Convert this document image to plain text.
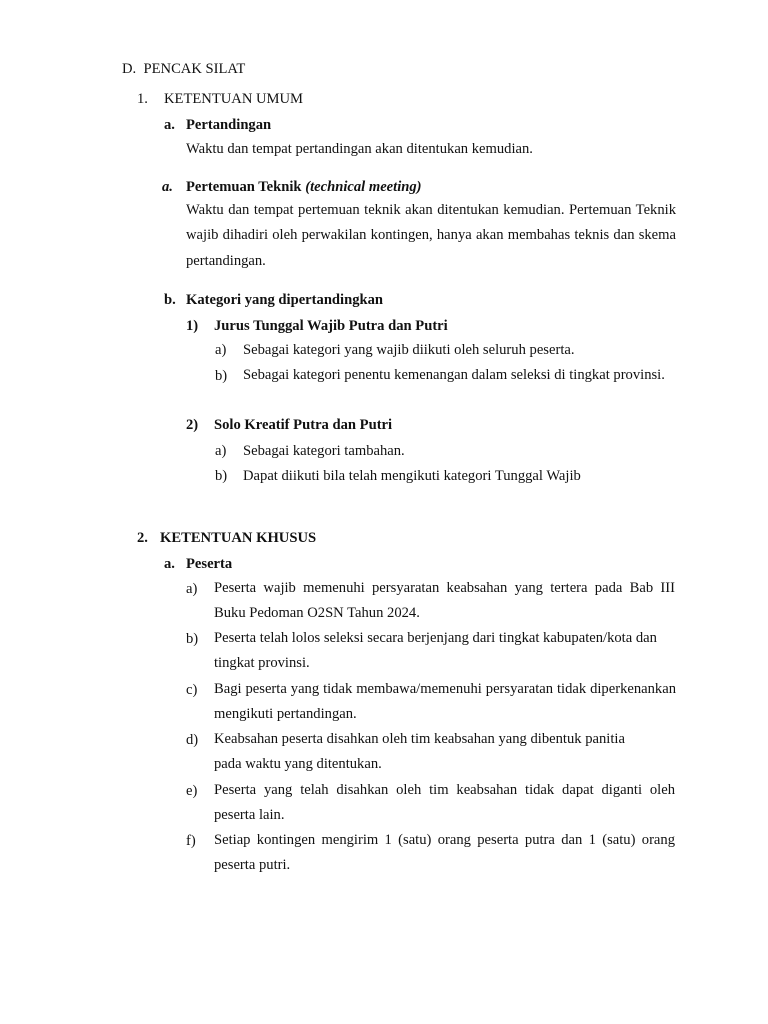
D. PENCAK SILAT
1. KETENTUAN UMUM
a. Pertandingan
Waktu dan tempat pertandingan akan ditentukan kemudian.
a. Pertemuan Teknik (technical meeting)
Waktu dan tempat pertemuan teknik akan ditentukan kemudian. Pertemuan Teknik wajib dihadiri oleh perwakilan kontingen, hanya akan membahas teknis dan skema pertandingan.
b. Kategori yang dipertandingkan
1) Jurus Tunggal Wajib Putra dan Putri
a) Sebagai kategori yang wajib diikuti oleh seluruh peserta.
b) Sebagai kategori penentu kemenangan dalam seleksi di tingkat provinsi.
2) Solo Kreatif Putra dan Putri
a) Sebagai kategori tambahan.
b) Dapat diikuti bila telah mengikuti kategori Tunggal Wajib
2. KETENTUAN KHUSUS
a. Peserta
a) Peserta wajib memenuhi persyaratan keabsahan yang tertera pada Bab III Buku Pedoman O2SN Tahun 2024.
b) Peserta telah lolos seleksi secara berjenjang dari tingkat kabupaten/kota dan tingkat provinsi.
c) Bagi peserta yang tidak membawa/memenuhi persyaratan tidak diperkenankan mengikuti pertandingan.
d) Keabsahan peserta disahkan oleh tim keabsahan yang dibentuk panitia pada waktu yang ditentukan.
e) Peserta yang telah disahkan oleh tim keabsahan tidak dapat diganti oleh peserta lain.
f) Setiap kontingen mengirim 1 (satu) orang peserta putra dan 1 (satu) orang peserta putri.
